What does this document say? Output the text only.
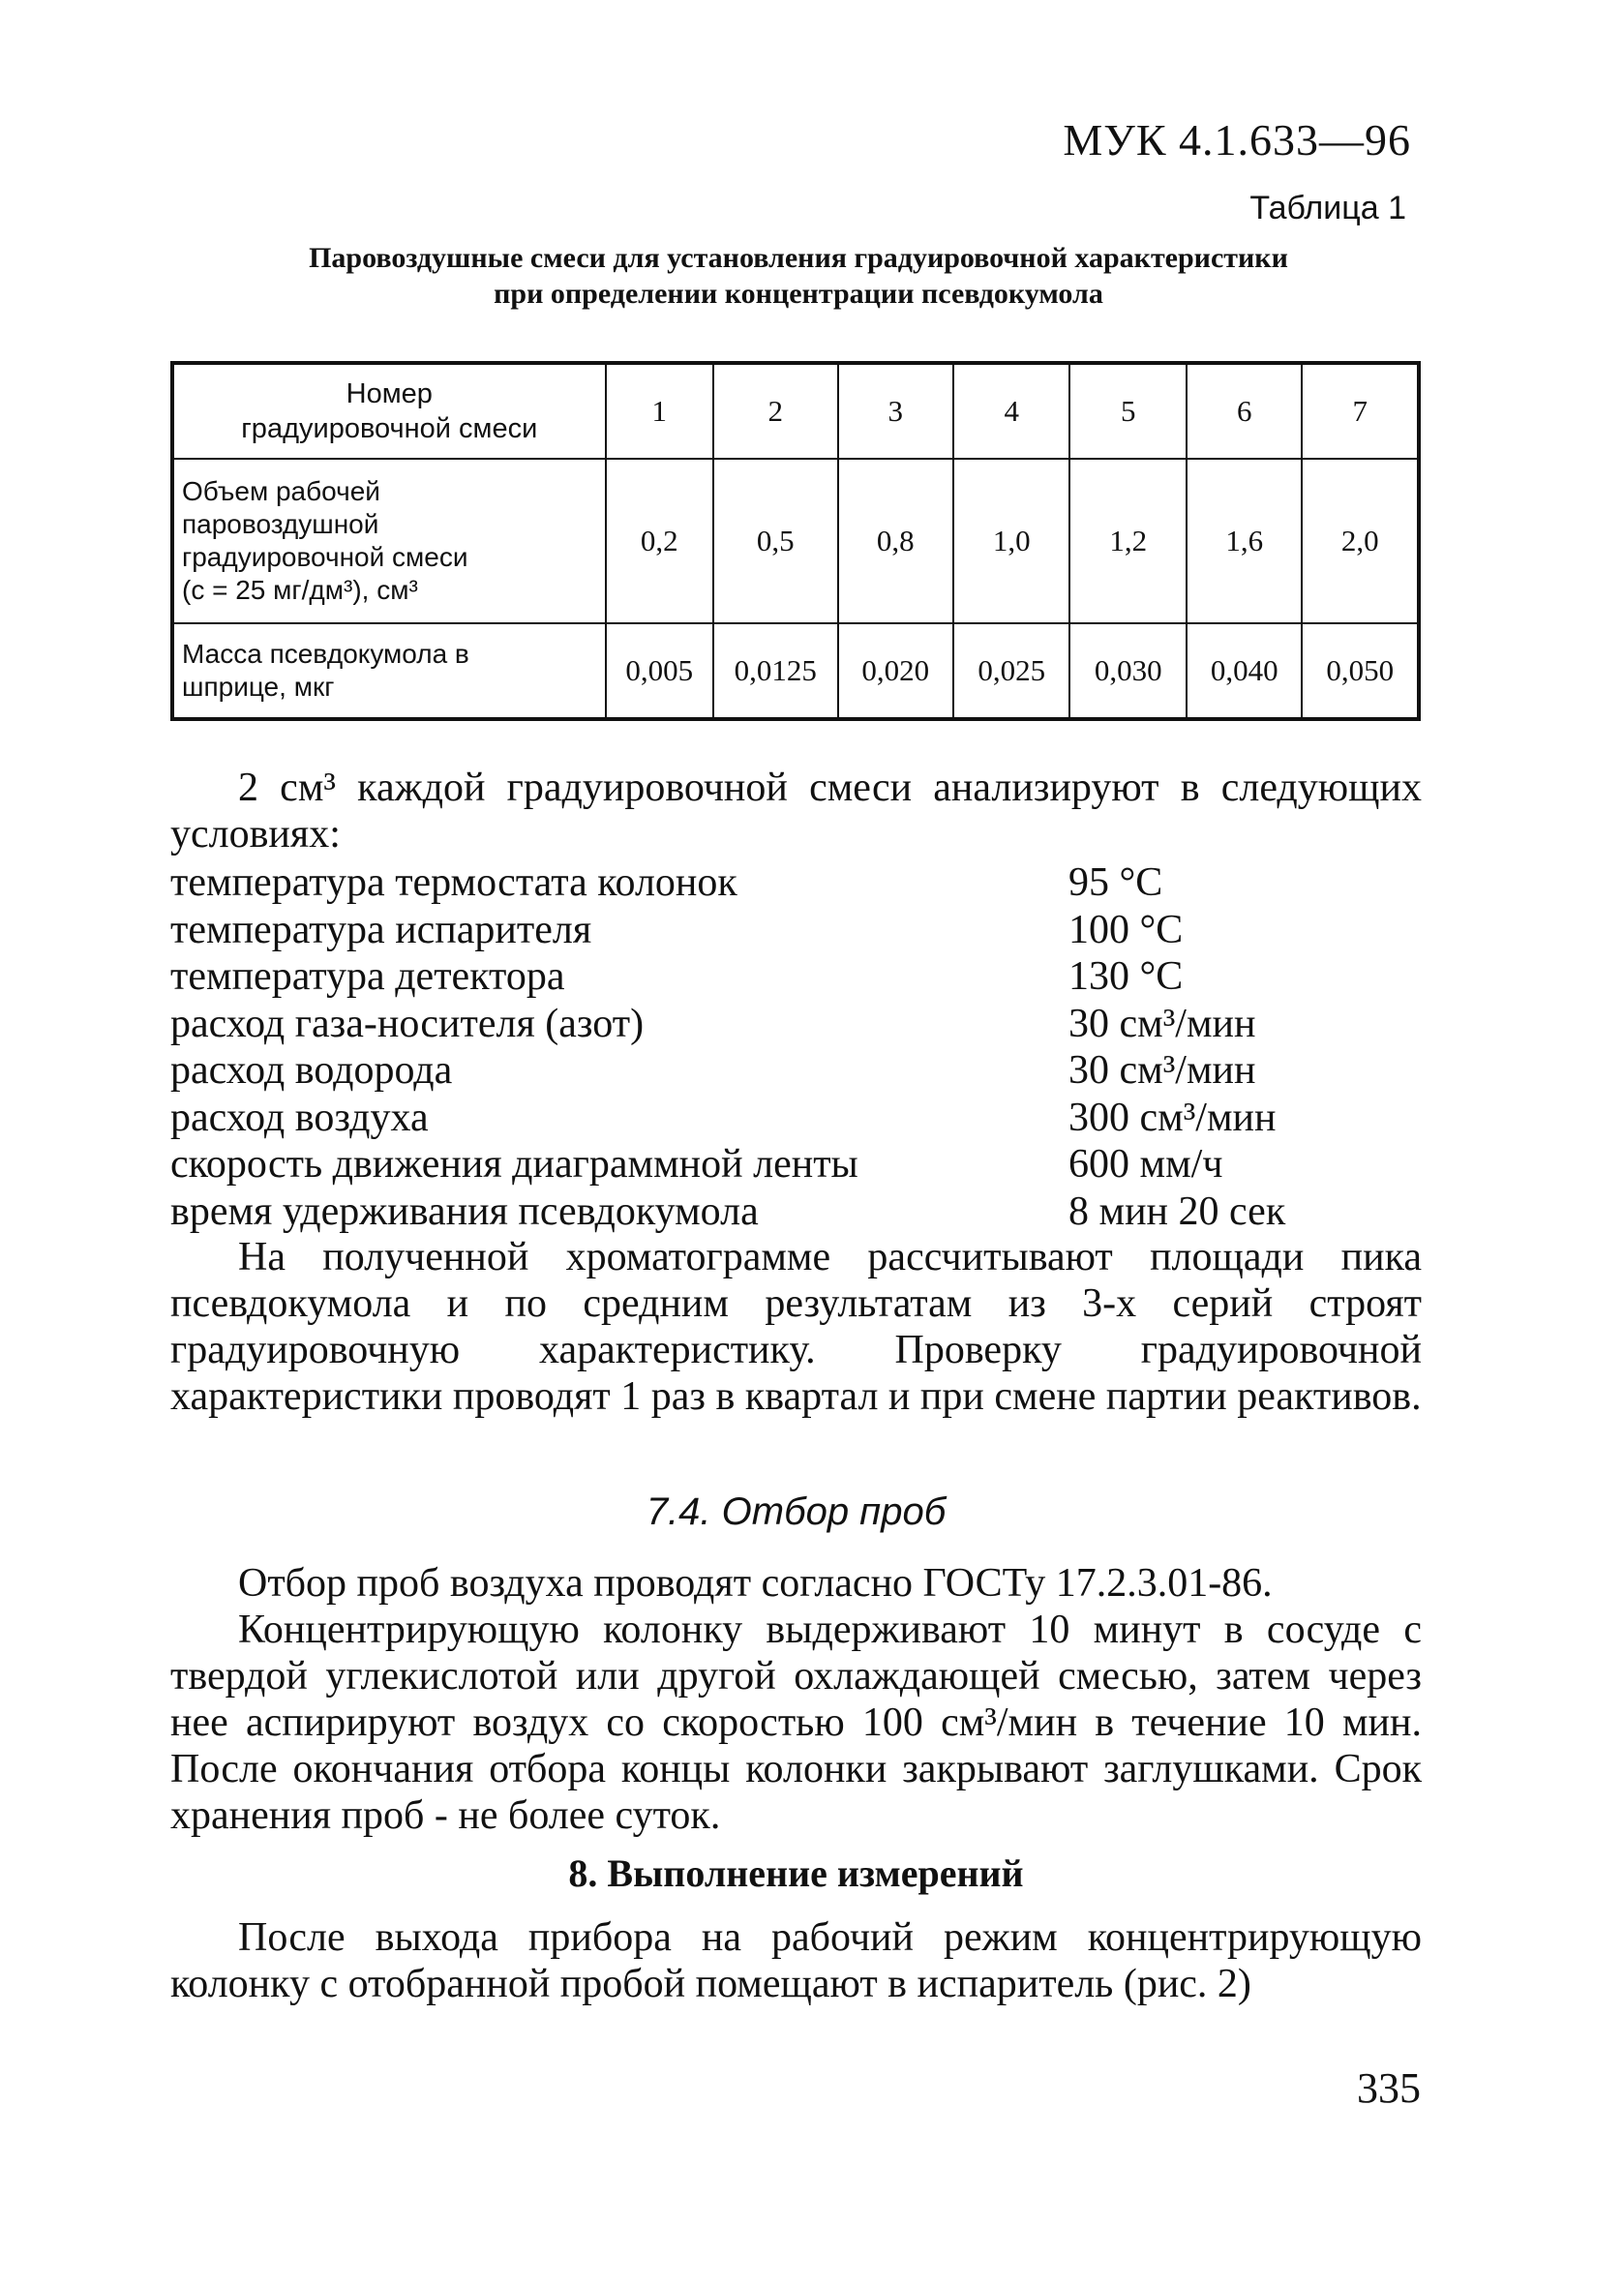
МУК 4.1.633—96
Таблица 1
Паровоздушные смеси для установления градуировочной характеристики
при определении концентрации псевдокумола
Номер
градуировочной смеси	1	2	3	4	5	6	7

Объем рабочей
паровоздушной
градуировочной смеси
(с = 25 мг/дм³), см³	0,2	0,5	0,8	1,0	1,2	1,6	2,0

Масса псевдокумола в
шприце, мкг	0,005	0,0125	0,020	0,025	0,030	0,040	0,050
2 см³ каждой градуировочной смеси анализируют в следующих условиях:
температура термостата колонок	95 °С
температура испарителя	100 °С
температура детектора	130 °С
расход газа-носителя (азот)	30 см³/мин
расход водорода	30 см³/мин
расход воздуха	300 см³/мин
скорость движения диаграммной ленты	600 мм/ч
время удерживания псевдокумола	8 мин 20 сек
На полученной хроматограмме рассчитывают площади пика псевдокумола и по средним результатам из 3-х серий строят градуировочную характеристику. Проверку градуировочной характеристики проводят 1 раз в квартал и при смене партии реактивов.
7.4. Отбор проб
Отбор проб воздуха проводят согласно ГОСТу 17.2.3.01-86.
Концентрирующую колонку выдерживают 10 минут в сосуде с твердой углекислотой или другой охлаждающей смесью, затем через нее аспирируют воздух со скоростью 100 см³/мин в течение 10 мин. После окончания отбора концы колонки закрывают заглушками. Срок хранения проб - не более суток.
8. Выполнение измерений
После выхода прибора на рабочий режим концентрирующую колонку с отобранной пробой помещают в испаритель (рис. 2)
335
